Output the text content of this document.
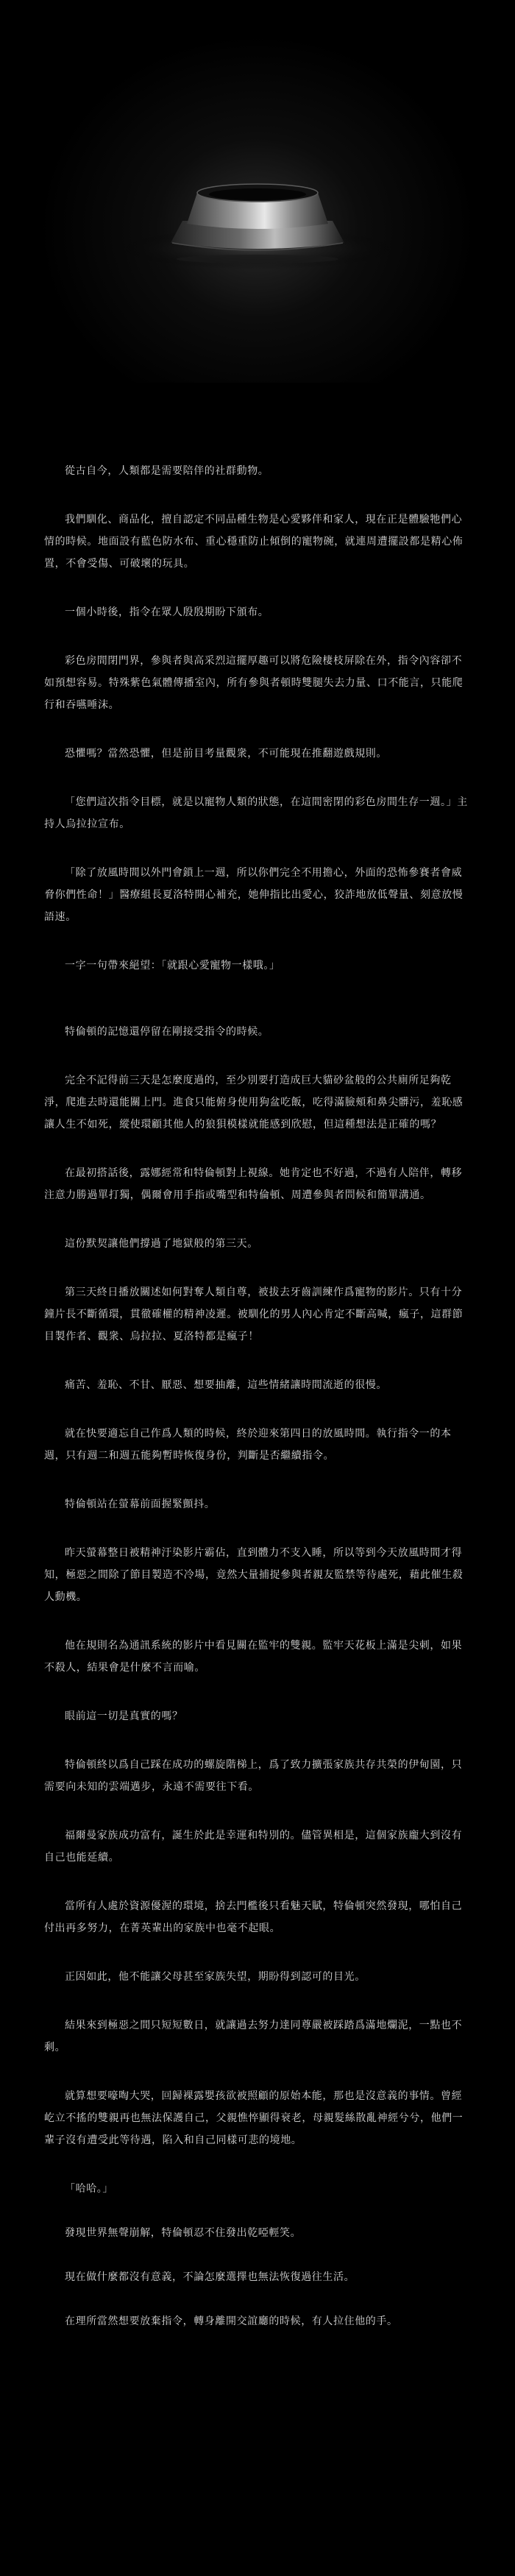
從古自今，人類都是需要陪伴的社群動物。

我們馴化、商品化，擅自認定不同品種生物是心愛夥伴和家人，現在正是體驗牠們心情的時候。地面設有藍色防水布、重心穩重防止傾倒的寵物碗，就連周遭擺設都是精心佈置，不會受傷、可破壞的玩具。

一個小時後，指令在眾人殷殷期盼下頒布。

彩色房間閉門界，參與者與高采烈這擺厚趣可以將危險棲枝屏除在外，指令內容卻不如預想容易。特殊紫色氣體傳播室內，所有參與者頓時雙腿失去力量、口不能言，只能爬行和吞嚥唾沫。

恐懼嗎？當然恐懼，但是前目考量觀衆，不可能現在推翻遊戲規則。

「您們這次指令目標，就是以寵物人類的狀態，在這間密閉的彩色房間生存一週。」主持人烏拉拉宣布。

「除了放風時間以外門會鎖上一週，所以你們完全不用擔心，外面的恐怖參賽者會威脅你們性命！」醫療組長夏洛特開心補充，她伸指比出愛心，狡詐地放低聲量、刻意放慢語速。

一字一句帶來絕望：「就跟心愛寵物一樣哦。」

特倫頓的記憶還停留在剛接受指令的時候。

完全不記得前三天是怎麼度過的，至少別要打造成巨大貓砂盆般的公共廁所足夠乾淨，爬進去時還能關上門。進食只能俯身使用狗盆吃飯，吃得滿臉頰和鼻尖髒污，羞恥感讓人生不如死，縱使環顧其他人的狼狽模樣就能感到欣慰，但這種想法是正確的嗎？

在最初搭話後，露娜經常和特倫頓對上視線。她肯定也不好過，不過有人陪伴，轉移注意力勝過單打獨，偶爾會用手指或嘴型和特倫頓、周遭參與者問候和簡單溝通。

這份默契讓他們撐過了地獄般的第三天。

第三天終日播放關述如何對奪人類自尊，被拔去牙齒訓練作爲寵物的影片。只有十分鐘片長不斷循環，貫徹確權的精神凌遲。被馴化的男人內心肯定不斷高喊，瘋子，這群節目製作者、觀衆、烏拉拉、夏洛特都是瘋子！

痛苦、羞恥、不甘、厭惡、想要抽離，這些情緒讓時間流逝的很慢。

就在快要適忘自己作爲人類的時候，終於迎來第四日的放風時間。執行指令一的本週，只有週二和週五能夠暫時恢復身份，判斷是否繼續指令。

特倫頓站在螢幕前面握緊顫抖。

昨天螢幕整日被精神汙染影片霸佔，直到體力不支入睡，所以等到今天放風時間才得知，極惡之間除了節目製造不冷場，竟然大量捕捉參與者親友監禁等待處死，藉此催生殺人動機。

他在規則名為通訊系統的影片中看見關在監牢的雙親。監牢天花板上滿是尖刺，如果不殺人，結果會是什麼不言而喻。

眼前這一切是真實的嗎？

特倫頓終以爲自己踩在成功的螺旋階梯上，爲了致力擴張家族共存共榮的伊甸園，只需要向未知的雲端邁步，永遠不需要往下看。

福爾曼家族成功富有，誕生於此是幸運和特別的。儘管異相是，這個家族龐大到沒有自己也能延續。

當所有人處於資源優渥的環境，捨去門檻後只看魅天賦，特倫頓突然發現，哪怕自己付出再多努力，在菁英輩出的家族中也毫不起眼。

正因如此，他不能讓父母甚至家族失望，期盼得到認可的目光。

結果來到極惡之間只短短數日，就讓過去努力達同尊嚴被踩踏爲滿地爛泥，一點也不剩。

就算想要嚎啕大哭，回歸裸露嬰孩欲被照顧的原始本能，那也是沒意義的事情。曾經屹立不搖的雙親再也無法保護自己，父親憔悴顯得衰老，母親髮絲散亂神經兮兮，他們一輩子沒有遭受此等待遇，陷入和自己同樣可悲的境地。

「哈哈。」

發現世界無聲崩解，特倫頓忍不住發出乾啞輕笑。

現在做什麼都沒有意義，不論怎麼選擇也無法恢復過往生活。

在理所當然想要放棄指令，轉身離開交誼廳的時候，有人拉住他的手。
